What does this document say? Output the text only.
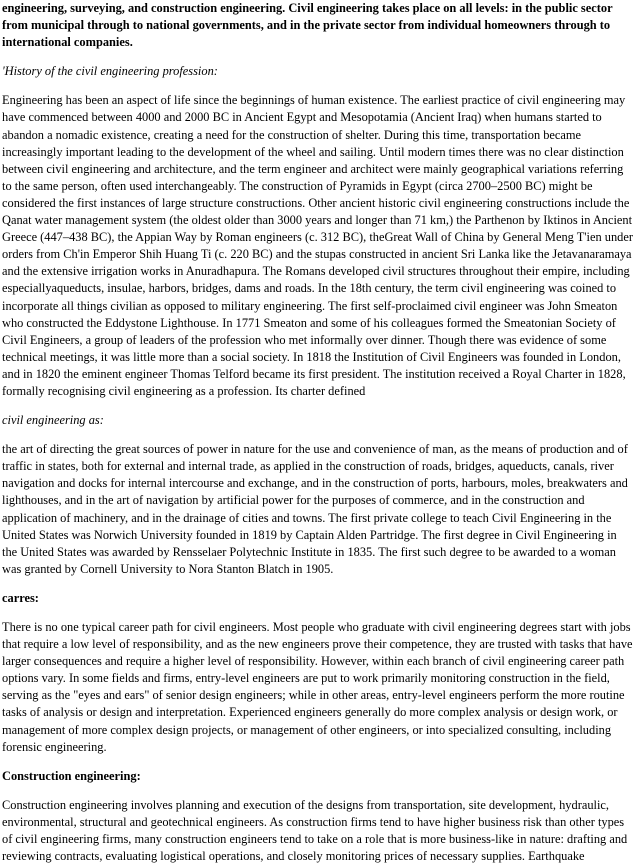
engineering, surveying, and construction engineering. Civil engineering takes place on all levels: in the public sector from municipal through to national governments, and in the private sector from individual homeowners through to international companies.

'History of the civil engineering profession:

Engineering has been an aspect of life since the beginnings of human existence. The earliest practice of civil engineering may have commenced between 4000 and 2000 BC in Ancient Egypt and Mesopotamia (Ancient Iraq) when humans started to abandon a nomadic existence, creating a need for the construction of shelter. During this time, transportation became increasingly important leading to the development of the wheel and sailing. Until modern times there was no clear distinction between civil engineering and architecture, and the term engineer and architect were mainly geographical variations referring to the same person, often used interchangeably. The construction of Pyramids in Egypt (circa 2700–2500 BC) might be considered the first instances of large structure constructions. Other ancient historic civil engineering constructions include the Qanat water management system (the oldest older than 3000 years and longer than 71 km,) the Parthenon by Iktinos in Ancient Greece (447–438 BC), the Appian Way by Roman engineers (c. 312 BC), theGreat Wall of China by General Meng T'ien under orders from Ch'in Emperor Shih Huang Ti (c. 220 BC) and the stupas constructed in ancient Sri Lanka like the Jetavanaramaya and the extensive irrigation works in Anuradhapura. The Romans developed civil structures throughout their empire, including especiallyaqueducts, insulae, harbors, bridges, dams and roads. In the 18th century, the term civil engineering was coined to incorporate all things civilian as opposed to military engineering. The first self-proclaimed civil engineer was John Smeaton who constructed the Eddystone Lighthouse. In 1771 Smeaton and some of his colleagues formed the Smeatonian Society of Civil Engineers, a group of leaders of the profession who met informally over dinner. Though there was evidence of some technical meetings, it was little more than a social society. In 1818 the Institution of Civil Engineers was founded in London, and in 1820 the eminent engineer Thomas Telford became its first president. The institution received a Royal Charter in 1828, formally recognising civil engineering as a profession. Its charter defined

civil engineering as:

the art of directing the great sources of power in nature for the use and convenience of man, as the means of production and of traffic in states, both for external and internal trade, as applied in the construction of roads, bridges, aqueducts, canals, river navigation and docks for internal intercourse and exchange, and in the construction of ports, harbours, moles, breakwaters and lighthouses, and in the art of navigation by artificial power for the purposes of commerce, and in the construction and application of machinery, and in the drainage of cities and towns. The first private college to teach Civil Engineering in the United States was Norwich University founded in 1819 by Captain Alden Partridge. The first degree in Civil Engineering in the United States was awarded by Rensselaer Polytechnic Institute in 1835. The first such degree to be awarded to a woman was granted by Cornell University to Nora Stanton Blatch in 1905.

carres:

There is no one typical career path for civil engineers. Most people who graduate with civil engineering degrees start with jobs that require a low level of responsibility, and as the new engineers prove their competence, they are trusted with tasks that have larger consequences and require a higher level of responsibility. However, within each branch of civil engineering career path options vary. In some fields and firms, entry-level engineers are put to work primarily monitoring construction in the field, serving as the "eyes and ears" of senior design engineers; while in other areas, entry-level engineers perform the more routine tasks of analysis or design and interpretation. Experienced engineers generally do more complex analysis or design work, or management of more complex design projects, or management of other engineers, or into specialized consulting, including forensic engineering.

Construction engineering:

Construction engineering involves planning and execution of the designs from transportation, site development, hydraulic, environmental, structural and geotechnical engineers. As construction firms tend to have higher business risk than other types of civil engineering firms, many construction engineers tend to take on a role that is more business-like in nature: drafting and reviewing contracts, evaluating logistical operations, and closely monitoring prices of necessary supplies. Earthquake
